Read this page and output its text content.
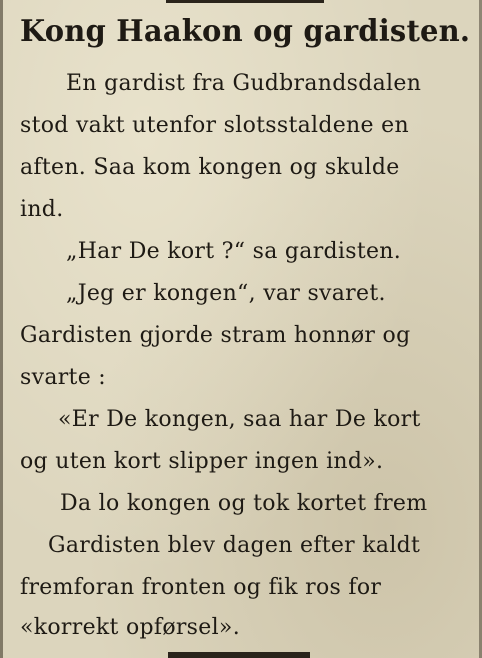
Kong Haakon og gardisten.
En gardist fra Gudbrandsdalen
stod vakt utenfor slotsstaldene en
aften. Saa kom kongen og skulde
ind.
„Har De kort ?“ sa gardisten.
„Jeg er kongen“, var svaret.
Gardisten gjorde stram honnør og
svarte :
«Er De kongen, saa har De kort
og uten kort slipper ingen ind».
Da lo kongen og tok kortet frem
Gardisten blev dagen efter kaldt
fremforan fronten og fik ros for
«korrekt opførsel».
